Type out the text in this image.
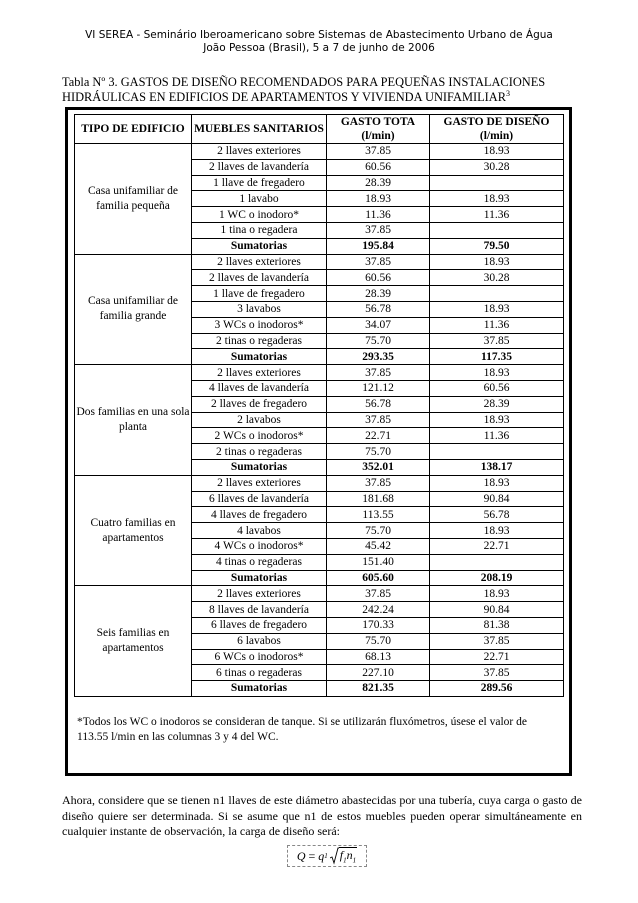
VI SEREA - Seminário Iberoamericano sobre Sistemas de Abastecimento Urbano de Água
João Pessoa (Brasil), 5 a 7 de junho de 2006
Tabla Nº 3. GASTOS DE DISEÑO RECOMENDADOS PARA PEQUEÑAS INSTALACIONES HIDRÁULICAS EN EDIFICIOS DE APARTAMENTOS Y VIVIENDA UNIFAMILIAR$^3$
TIPO DE EDIFICIO	MUEBLES SANITARIOS	GASTO TOTA (l/min)	GASTO DE DISEÑO (l/min)
Casa unifamiliar de familia pequeña	2 llaves exteriores	37.85	18.93
	2 llaves de lavandería	60.56	30.28
	1 llave de fregadero	28.39	
	1 lavabo	18.93	18.93
	1 WC o inodoro*	11.36	11.36
	1 tina o regadera	37.85	
	Sumatorias	195.84	79.50
Casa unifamiliar de familia grande	2 llaves exteriores	37.85	18.93
	2 llaves de lavandería	60.56	30.28
	1 llave de fregadero	28.39	
	3 lavabos	56.78	18.93
	3 WCs o inodoros*	34.07	11.36
	2 tinas o regaderas	75.70	37.85
	Sumatorias	293.35	117.35
Dos familias en una sola planta	2 llaves exteriores	37.85	18.93
	4 llaves de lavandería	121.12	60.56
	2 llaves de fregadero	56.78	28.39
	2 lavabos	37.85	18.93
	2 WCs o inodoros*	22.71	11.36
	2 tinas o regaderas	75.70	
	Sumatorias	352.01	138.17
Cuatro familias en apartamentos	2 llaves exteriores	37.85	18.93
	6 llaves de lavandería	181.68	90.84
	4 llaves de fregadero	113.55	56.78
	4 lavabos	75.70	18.93
	4 WCs o inodoros*	45.42	22.71
	4 tinas o regaderas	151.40	
	Sumatorias	605.60	208.19
Seis familias en apartamentos	2 llaves exteriores	37.85	18.93
	8 llaves de lavandería	242.24	90.84
	6 llaves de fregadero	170.33	81.38
	6 lavabos	75.70	37.85
	6 WCs o inodoros*	68.13	22.71
	6 tinas o regaderas	227.10	37.85
	Sumatorias	821.35	289.56
*Todos los WC o inodoros se consideran de tanque. Si se utilizarán fluxómetros, úsese el valor de 113.55 l/min en las columnas 3 y 4 del WC.
Ahora, considere que se tienen n1 llaves de este diámetro abastecidas por una tubería, cuya carga o gasto de diseño quiere ser determinada. Si se asume que n1 de estos muebles pueden operar simultáneamente en cualquier instante de observación, la carga de diseño será:
Q = q 1 $f_1n_1$
